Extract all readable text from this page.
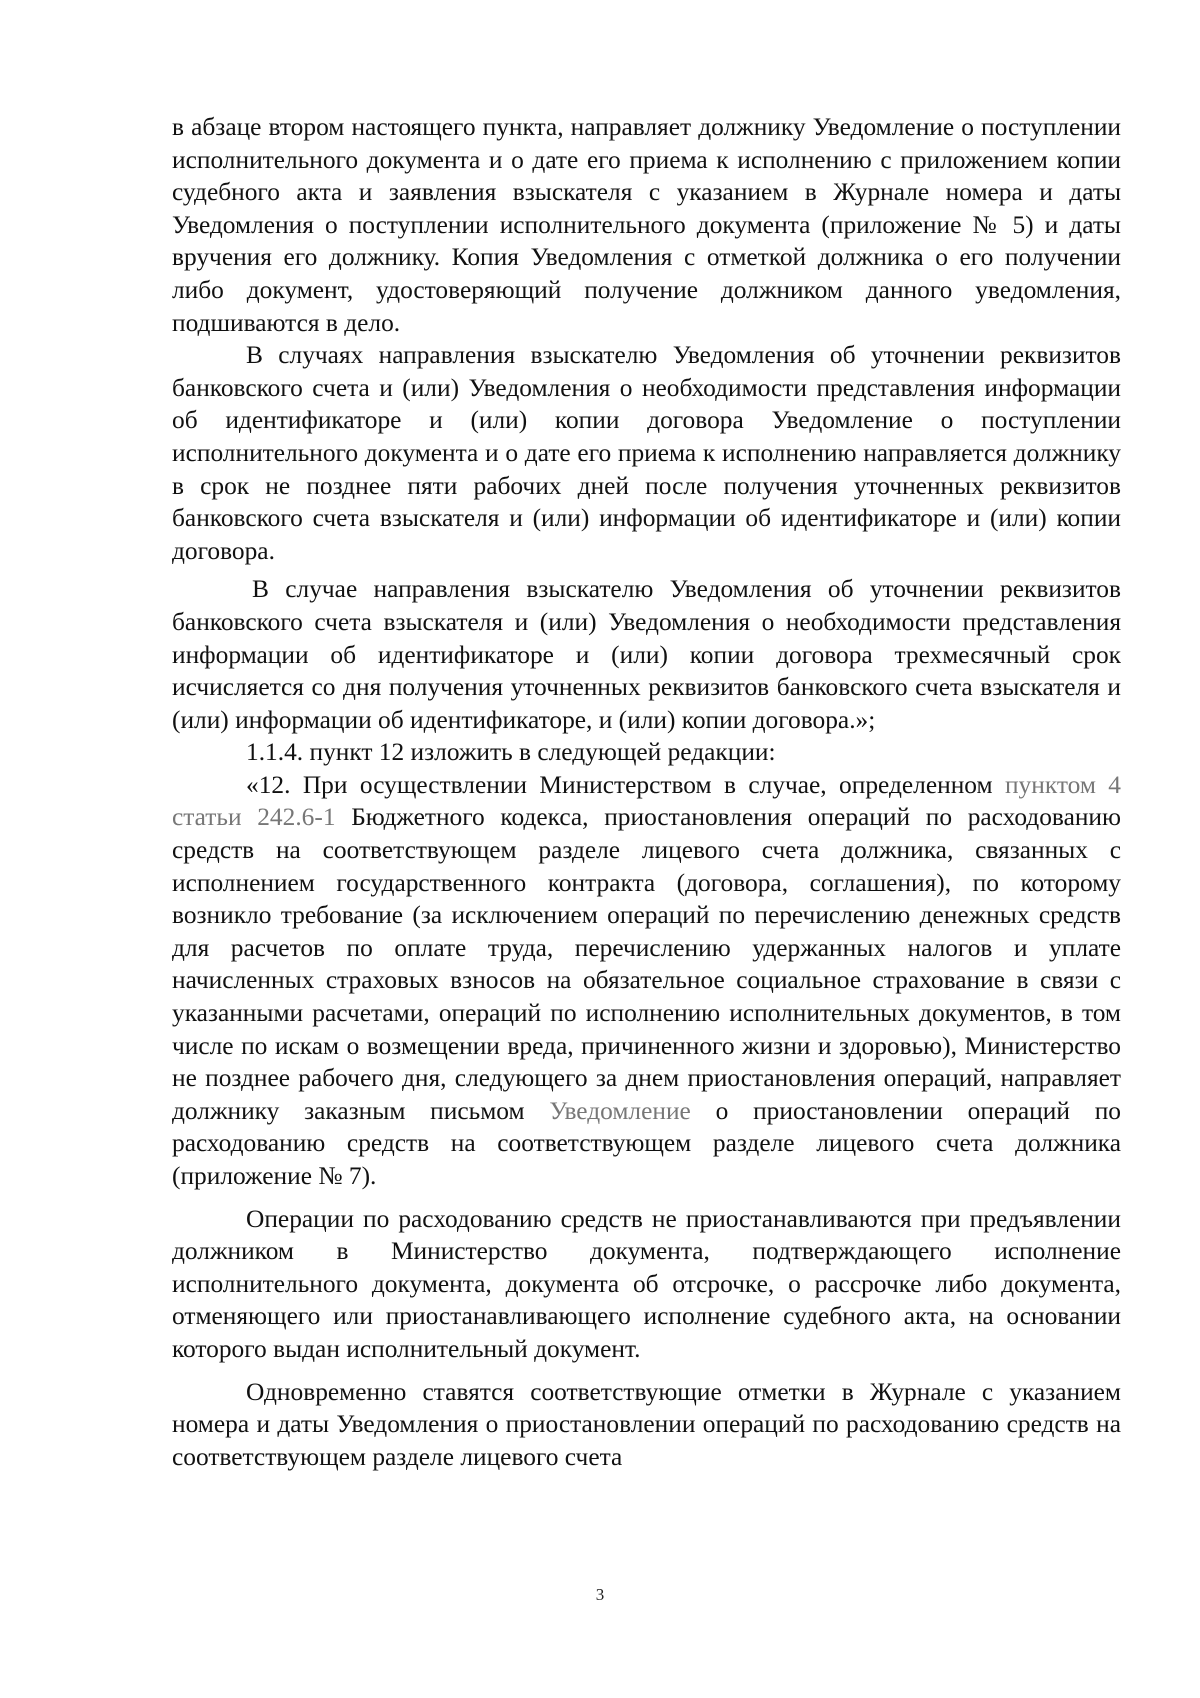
в абзаце втором настоящего пункта, направляет должнику Уведомление о поступлении исполнительного документа и о дате его приема к исполнению с приложением копии судебного акта и заявления взыскателя с указанием в Журнале номера и даты Уведомления о поступлении исполнительного документа (приложение № 5) и даты вручения его должнику. Копия Уведомления с отметкой должника о его получении либо документ, удостоверяющий получение должником данного уведомления, подшиваются в дело.

В случаях направления взыскателю Уведомления об уточнении реквизитов банковского счета и (или) Уведомления о необходимости представления информации об идентификаторе и (или) копии договора Уведомление о поступлении исполнительного документа и о дате его приема к исполнению направляется должнику в срок не позднее пяти рабочих дней после получения уточненных реквизитов банковского счета взыскателя и (или) информации об идентификаторе и (или) копии договора.

В случае направления взыскателю Уведомления об уточнении реквизитов банковского счета взыскателя и (или) Уведомления о необходимости представления информации об идентификаторе и (или) копии договора трехмесячный срок исчисляется со дня получения уточненных реквизитов банковского счета взыскателя и (или) информации об идентификаторе, и (или) копии договора.»;

1.1.4. пункт 12 изложить в следующей редакции:

«12. При осуществлении Министерством в случае, определенном пунктом 4 статьи 242.6-1 Бюджетного кодекса, приостановления операций по расходованию средств на соответствующем разделе лицевого счета должника, связанных с исполнением государственного контракта (договора, соглашения), по которому возникло требование (за исключением операций по перечислению денежных средств для расчетов по оплате труда, перечислению удержанных налогов и уплате начисленных страховых взносов на обязательное социальное страхование в связи с указанными расчетами, операций по исполнению исполнительных документов, в том числе по искам о возмещении вреда, причиненного жизни и здоровью), Министерство не позднее рабочего дня, следующего за днем приостановления операций, направляет должнику заказным письмом Уведомление о приостановлении операций по расходованию средств на соответствующем разделе лицевого счета должника (приложение № 7).

Операции по расходованию средств не приостанавливаются при предъявлении должником в Министерство документа, подтверждающего исполнение исполнительного документа, документа об отсрочке, о рассрочке либо документа, отменяющего или приостанавливающего исполнение судебного акта, на основании которого выдан исполнительный документ.

Одновременно ставятся соответствующие отметки в Журнале с указанием номера и даты Уведомления о приостановлении операций по расходованию средств на соответствующем разделе лицевого счета

3
